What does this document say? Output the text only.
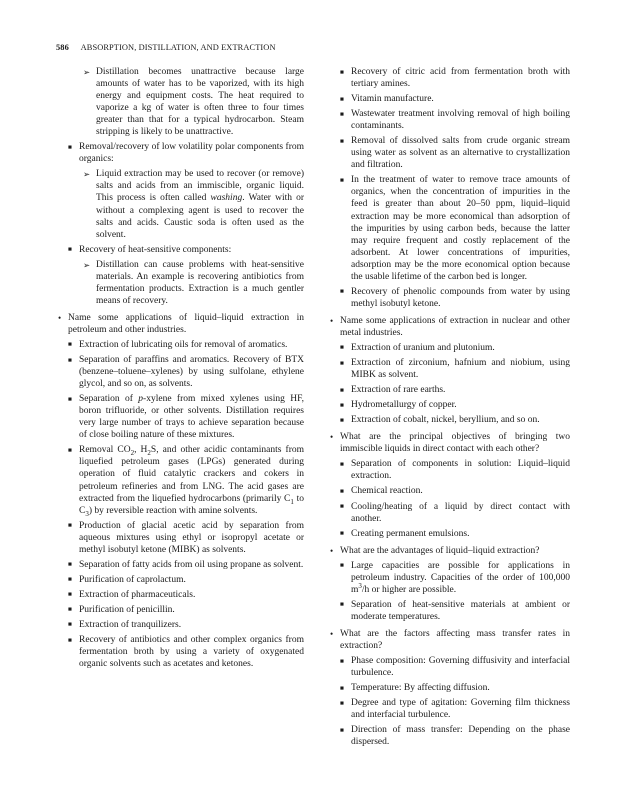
586 ABSORPTION, DISTILLATION, AND EXTRACTION
➢ Distillation becomes unattractive because large amounts of water has to be vaporized, with its high energy and equipment costs. The heat required to vaporize a kg of water is often three to four times greater than that for a typical hydrocarbon. Steam stripping is likely to be unattractive.
■ Removal/recovery of low volatility polar components from organics:
➢ Liquid extraction may be used to recover (or remove) salts and acids from an immiscible, organic liquid. This process is often called washing. Water with or without a complexing agent is used to recover the salts and acids. Caustic soda is often used as the solvent.
■ Recovery of heat-sensitive components:
➢ Distillation can cause problems with heat-sensitive materials. An example is recovering antibiotics from fermentation products. Extraction is a much gentler means of recovery.
• Name some applications of liquid–liquid extraction in petroleum and other industries.
■ Extraction of lubricating oils for removal of aromatics.
■ Separation of paraffins and aromatics. Recovery of BTX (benzene–toluene–xylenes) by using sulfolane, ethylene glycol, and so on, as solvents.
■ Separation of p-xylene from mixed xylenes using HF, boron trifluoride, or other solvents. Distillation requires very large number of trays to achieve separation because of close boiling nature of these mixtures.
■ Removal $CO_2$, $H_2S$, and other acidic contaminants from liquefied petroleum gases (LPGs) generated during operation of fluid catalytic crackers and cokers in petroleum refineries and from LNG. The acid gases are extracted from the liquefied hydrocarbons (primarily $C_1$ to $C_3$) by reversible reaction with amine solvents.
■ Production of glacial acetic acid by separation from aqueous mixtures using ethyl or isopropyl acetate or methyl isobutyl ketone (MIBK) as solvents.
■ Separation of fatty acids from oil using propane as solvent.
■ Purification of caprolactum.
■ Extraction of pharmaceuticals.
■ Purification of penicillin.
■ Extraction of tranquilizers.
■ Recovery of antibiotics and other complex organics from fermentation broth by using a variety of oxygenated organic solvents such as acetates and ketones.
■ Recovery of citric acid from fermentation broth with tertiary amines.
■ Vitamin manufacture.
■ Wastewater treatment involving removal of high boiling contaminants.
■ Removal of dissolved salts from crude organic stream using water as solvent as an alternative to crystallization and filtration.
■ In the treatment of water to remove trace amounts of organics, when the concentration of impurities in the feed is greater than about 20–50 ppm, liquid–liquid extraction may be more economical than adsorption of the impurities by using carbon beds, because the latter may require frequent and costly replacement of the adsorbent. At lower concentrations of impurities, adsorption may be the more economical option because the usable lifetime of the carbon bed is longer.
■ Recovery of phenolic compounds from water by using methyl isobutyl ketone.
• Name some applications of extraction in nuclear and other metal industries.
■ Extraction of uranium and plutonium.
■ Extraction of zirconium, hafnium and niobium, using MIBK as solvent.
■ Extraction of rare earths.
■ Hydrometallurgy of copper.
■ Extraction of cobalt, nickel, beryllium, and so on.
• What are the principal objectives of bringing two immiscible liquids in direct contact with each other?
■ Separation of components in solution: Liquid–liquid extraction.
■ Chemical reaction.
■ Cooling/heating of a liquid by direct contact with another.
■ Creating permanent emulsions.
• What are the advantages of liquid–liquid extraction?
■ Large capacities are possible for applications in petroleum industry. Capacities of the order of 100,000 $m^3/h$ or higher are possible.
■ Separation of heat-sensitive materials at ambient or moderate temperatures.
• What are the factors affecting mass transfer rates in extraction?
■ Phase composition: Governing diffusivity and interfacial turbulence.
■ Temperature: By affecting diffusion.
■ Degree and type of agitation: Governing film thickness and interfacial turbulence.
■ Direction of mass transfer: Depending on the phase dispersed.
